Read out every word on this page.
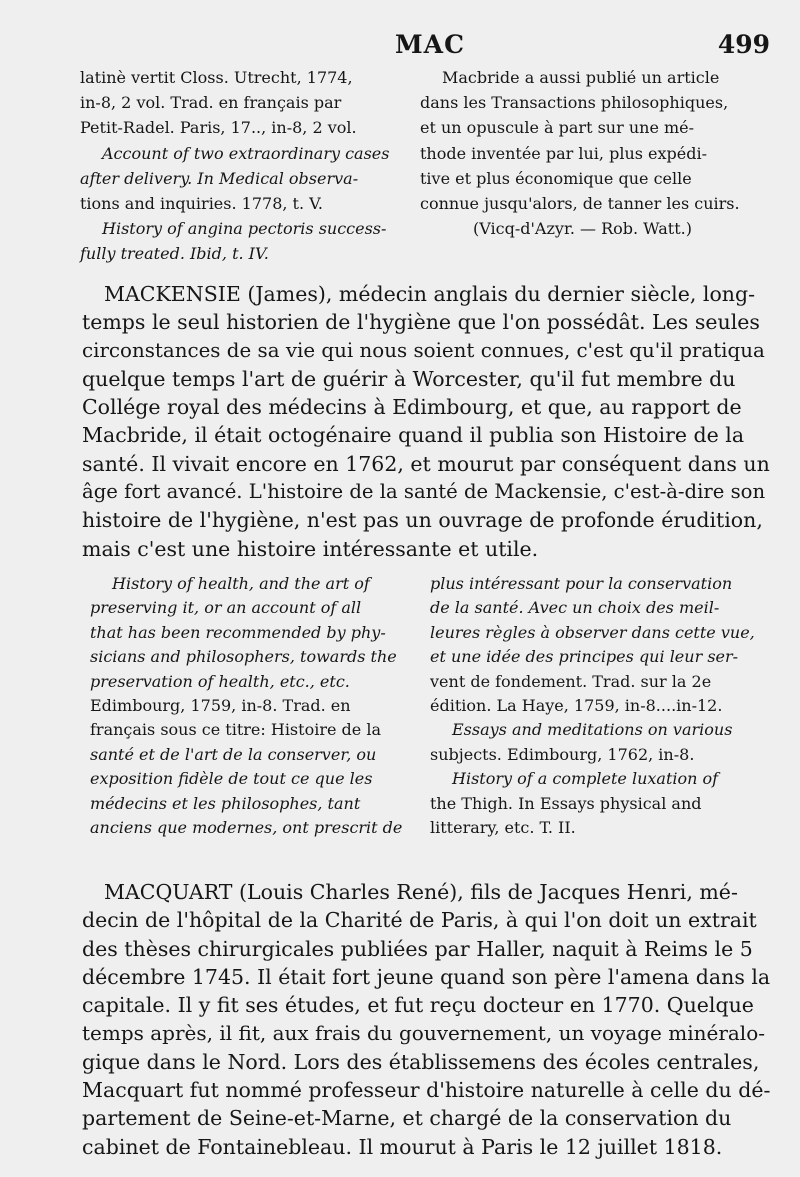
MAC	499
latinè vertit Closs. Utrecht, 1774,
in-8, 2 vol. Trad. en français par
Petit-Radel. Paris, 17.., in-8, 2 vol.
Account of two extraordinary cases
after delivery. In Medical observa-
tions and inquiries. 1778, t. V.
History of angina pectoris success-
fully treated. Ibid, t. IV.
Macbride a aussi publié un article
dans les Transactions philosophiques,
et un opuscule à part sur une mé-
thode inventée par lui, plus expédi-
tive et plus économique que celle
connue jusqu'alors, de tanner les cuirs.
(Vicq-d'Azyr. — Rob. Watt.)
MACKENSIE (James), médecin anglais du dernier siècle, long-
temps le seul historien de l'hygiène que l'on possédât. Les seules
circonstances de sa vie qui nous soient connues, c'est qu'il pratiqua
quelque temps l'art de guérir à Worcester, qu'il fut membre du
Collége royal des médecins à Edimbourg, et que, au rapport de
Macbride, il était octogénaire quand il publia son Histoire de la
santé. Il vivait encore en 1762, et mourut par conséquent dans un
âge fort avancé. L'histoire de la santé de Mackensie, c'est-à-dire son
histoire de l'hygiène, n'est pas un ouvrage de profonde érudition,
mais c'est une histoire intéressante et utile.
History of health, and the art of
preserving it, or an account of all
that has been recommended by phy-
sicians and philosophers, towards the
preservation of health, etc., etc.
Edimbourg, 1759, in-8. Trad. en
français sous ce titre: Histoire de la
santé et de l'art de la conserver, ou
exposition fidèle de tout ce que les
médecins et les philosophes, tant
anciens que modernes, ont prescrit de
plus intéressant pour la conservation
de la santé. Avec un choix des meil-
leures règles à observer dans cette vue,
et une idée des principes qui leur ser-
vent de fondement. Trad. sur la 2e
édition. La Haye, 1759, in-8....in-12.
Essays and meditations on various
subjects. Edimbourg, 1762, in-8.
History of a complete luxation of
the Thigh. In Essays physical and
litterary, etc. T. II.
MACQUART (Louis Charles René), fils de Jacques Henri, mé-
decin de l'hôpital de la Charité de Paris, à qui l'on doit un extrait
des thèses chirurgicales publiées par Haller, naquit à Reims le 5
décembre 1745. Il était fort jeune quand son père l'amena dans la
capitale. Il y fit ses études, et fut reçu docteur en 1770. Quelque
temps après, il fit, aux frais du gouvernement, un voyage minéralo-
gique dans le Nord. Lors des établissemens des écoles centrales,
Macquart fut nommé professeur d'histoire naturelle à celle du dé-
partement de Seine-et-Marne, et chargé de la conservation du
cabinet de Fontainebleau. Il mourut à Paris le 12 juillet 1818.
